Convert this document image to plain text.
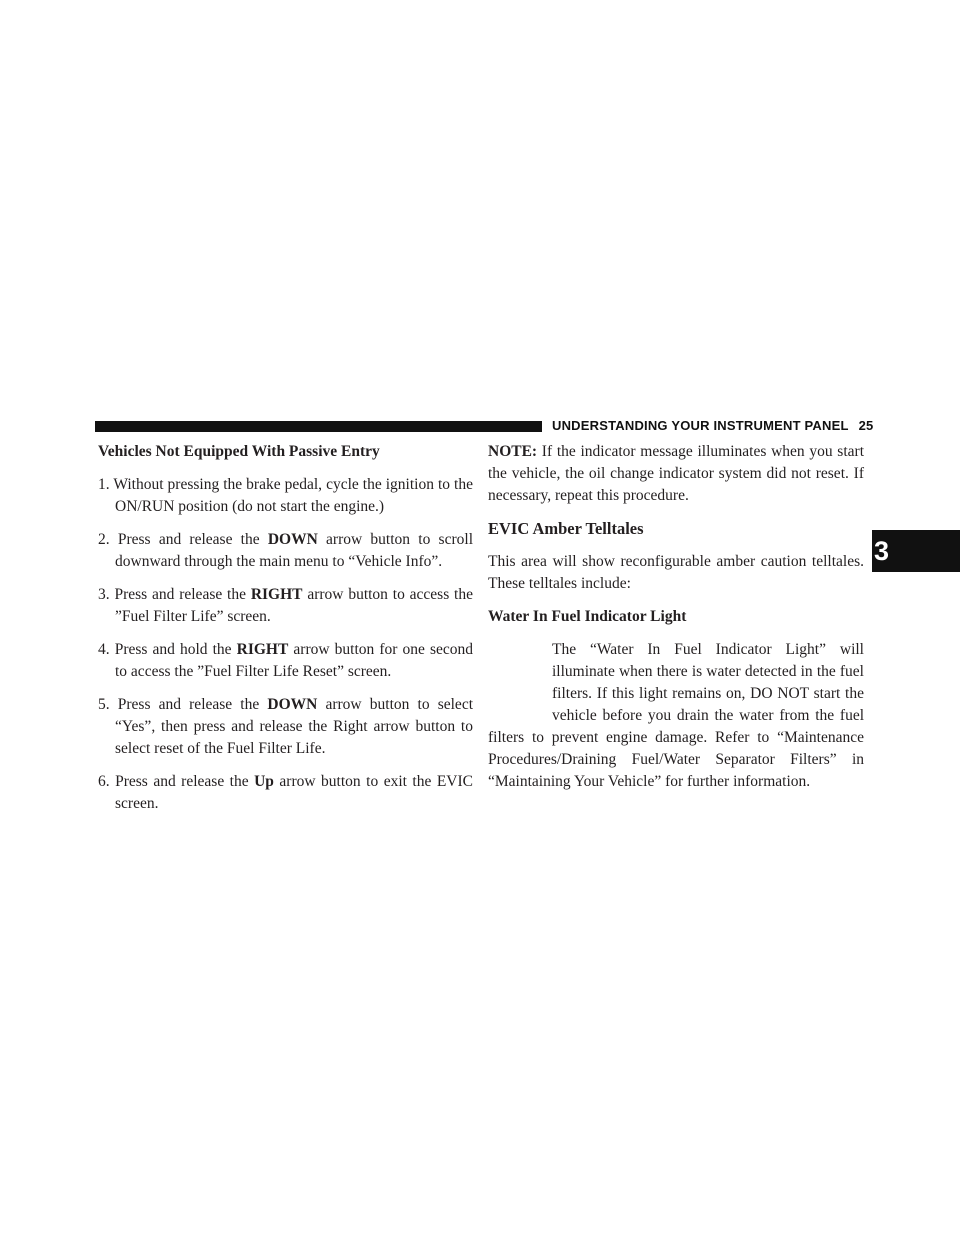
UNDERSTANDING YOUR INSTRUMENT PANEL 25
3
Vehicles Not Equipped With Passive Entry
1. Without pressing the brake pedal, cycle the ignition to the ON/RUN position (do not start the engine.)
2. Press and release the DOWN arrow button to scroll downward through the main menu to “Vehicle Info”.
3. Press and release the RIGHT arrow button to access the ”Fuel Filter Life” screen.
4. Press and hold the RIGHT arrow button for one second to access the ”Fuel Filter Life Reset” screen.
5. Press and release the DOWN arrow button to select “Yes”, then press and release the Right arrow button to select reset of the Fuel Filter Life.
6. Press and release the Up arrow button to exit the EVIC screen.

NOTE: If the indicator message illuminates when you start the vehicle, the oil change indicator system did not reset. If necessary, repeat this procedure.

EVIC Amber Telltales

This area will show reconfigurable amber caution telltales. These telltales include:

Water In Fuel Indicator Light

The “Water In Fuel Indicator Light” will illuminate when there is water detected in the fuel filters. If this light remains on, DO NOT start the vehicle before you drain the water from the fuel filters to prevent engine damage. Refer to “Maintenance Procedures/Draining Fuel/Water Separator Filters” in “Maintaining Your Vehicle” for further information.
